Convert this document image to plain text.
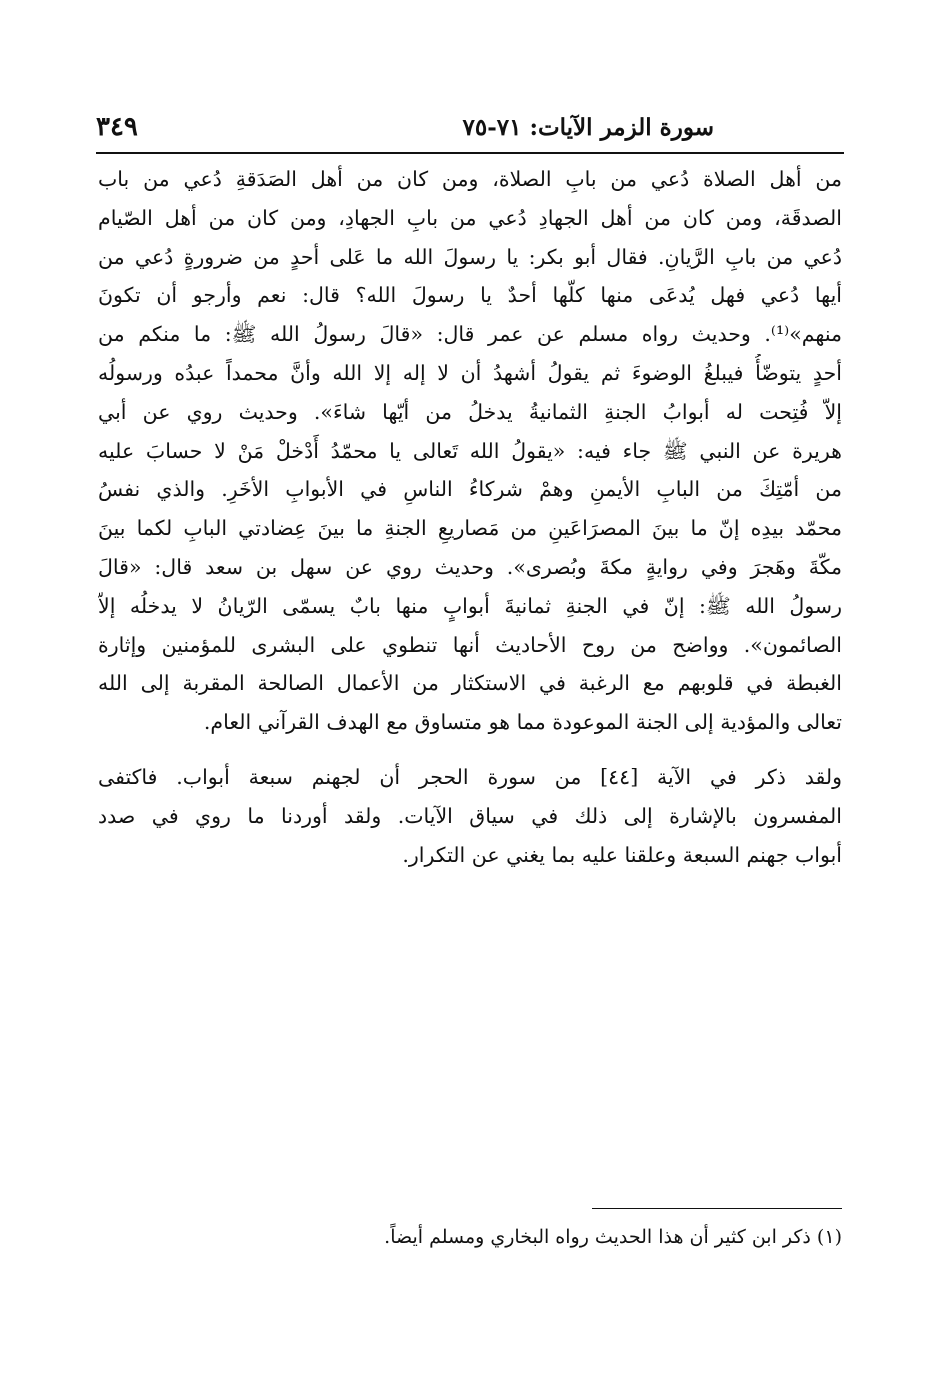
سورة الزمر الآيات: ٧١-٧٥
٣٤٩
من أهل الصلاة دُعي من بابِ الصلاة، ومن كان من أهل الصَدَقةِ دُعي من باب
الصدقَة، ومن كان من أهل الجهادِ دُعي من بابِ الجهادِ، ومن كان من أهل الصّيام
دُعي من بابِ الرَّيانِ. فقال أبو بكر: يا رسولَ الله ما عَلى أحدٍ من ضرورةٍ دُعي من
أيها دُعي فهل يُدعَى منها كلّها أحدٌ يا رسولَ الله؟ قال: نعم وأرجو أن تكونَ
منهم»⁽¹⁾. وحديث رواه مسلم عن عمر قال: «قالَ رسولُ الله ﷺ: ما منكم من
أحدٍ يتوضّأُ فيبلغُ الوضوءَ ثم يقولُ أشهدُ أن لا إله إلا الله وأنَّ محمداً عبدُه ورسولُه
إلاّ فُتِحت له أبوابُ الجنةِ الثمانيةُ يدخلُ من أيّها شاءَ». وحديث روي عن أبي
هريرة عن النبي ﷺ جاء فيه: «يقولُ الله تَعالى يا محمّدُ أَدْخلْ مَنْ لا حسابَ عليه
من أمّتِكَ من البابِ الأيمنِ وهمْ شركاءُ الناسِ في الأبوابِ الأخَرِ. والذي نفسُ
محمّد بيدِه إنّ ما بينَ المصرَاعَينِ من مَصاريعِ الجنةِ ما بينَ عِضادتي البابِ لكما بينَ
مكّةَ وهَجرَ وفي روايةٍ مكةَ وبُصرى». وحديث روي عن سهل بن سعد قال: «قالَ
رسولُ الله ﷺ: إنّ في الجنةِ ثمانيةَ أبوابٍ منها بابٌ يسمّى الرّيانُ لا يدخلُه إلاّ
الصائمون». وواضح من روح الأحاديث أنها تنطوي على البشرى للمؤمنين وإثارة
الغبطة في قلوبهم مع الرغبة في الاستكثار من الأعمال الصالحة المقربة إلى الله
تعالى والمؤدية إلى الجنة الموعودة مما هو متساوق مع الهدف القرآني العام.
ولقد ذكر في الآية [٤٤] من سورة الحجر أن لجهنم سبعة أبواب. فاكتفى
المفسرون بالإشارة إلى ذلك في سياق الآيات. ولقد أوردنا ما روي في صدد
أبواب جهنم السبعة وعلقنا عليه بما يغني عن التكرار.
(١) ذكر ابن كثير أن هذا الحديث رواه البخاري ومسلم أيضاً.
